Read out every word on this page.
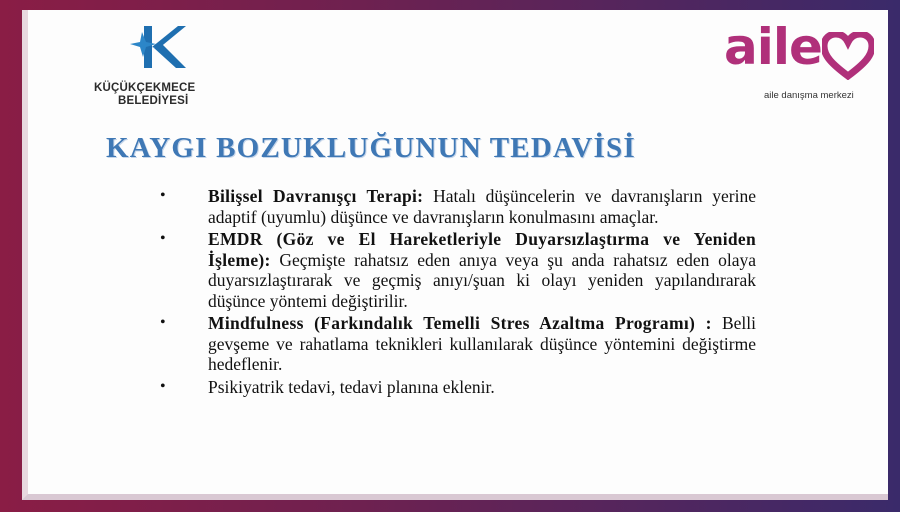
KÜÇÜKÇEKMECE
BELEDİYESİ
aile
aile danışma merkezi
KAYGI BOZUKLUĞUNUN TEDAVİSİ
• Bilişsel Davranışçı Terapi: Hatalı düşüncelerin ve davranışların yerine adaptif (uyumlu) düşünce ve davranışların konulmasını amaçlar.
• EMDR (Göz ve El Hareketleriyle Duyarsızlaştırma ve Yeniden İşleme): Geçmişte rahatsız eden anıya veya şu anda rahatsız eden olaya duyarsızlaştırarak ve geçmiş anıyı/şuan ki olayı yeniden yapılandırarak düşünce yöntemi değiştirilir.
• Mindfulness (Farkındalık Temelli Stres Azaltma Programı) : Belli gevşeme ve rahatlama teknikleri kullanılarak düşünce yöntemini değiştirme hedeflenir.
• Psikiyatrik tedavi, tedavi planına eklenir.
